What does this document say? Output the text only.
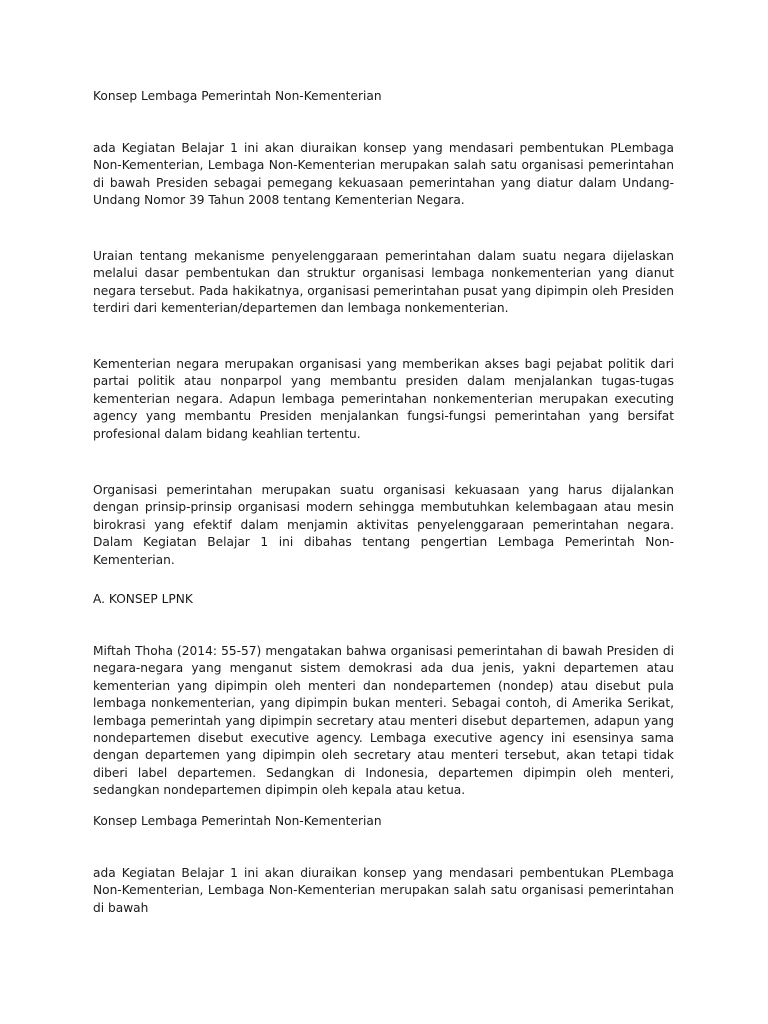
Konsep Lembaga Pemerintah Non-Kementerian

ada Kegiatan Belajar 1 ini akan diuraikan konsep yang mendasari pembentukan PLembaga Non-Kementerian, Lembaga Non-Kementerian merupakan salah satu organisasi pemerintahan di bawah Presiden sebagai pemegang kekuasaan pemerintahan yang diatur dalam Undang-Undang Nomor 39 Tahun 2008 tentang Kementerian Negara.

Uraian tentang mekanisme penyelenggaraan pemerintahan dalam suatu negara dijelaskan melalui dasar pembentukan dan struktur organisasi lembaga nonkementerian yang dianut negara tersebut. Pada hakikatnya, organisasi pemerintahan pusat yang dipimpin oleh Presiden terdiri dari kementerian/departemen dan lembaga nonkementerian.

Kementerian negara merupakan organisasi yang memberikan akses bagi pejabat politik dari partai politik atau nonparpol yang membantu presiden dalam menjalankan tugas-tugas kementerian negara. Adapun lembaga pemerintahan nonkementerian merupakan executing agency yang membantu Presiden menjalankan fungsi-fungsi pemerintahan yang bersifat profesional dalam bidang keahlian tertentu.

Organisasi pemerintahan merupakan suatu organisasi kekuasaan yang harus dijalankan dengan prinsip-prinsip organisasi modern sehingga membutuhkan kelembagaan atau mesin birokrasi yang efektif dalam menjamin aktivitas penyelenggaraan pemerintahan negara. Dalam Kegiatan Belajar 1 ini dibahas tentang pengertian Lembaga Pemerintah Non-Kementerian.

A. KONSEP LPNK

Miftah Thoha (2014: 55-57) mengatakan bahwa organisasi pemerintahan di bawah Presiden di negara-negara yang menganut sistem demokrasi ada dua jenis, yakni departemen atau kementerian yang dipimpin oleh menteri dan nondepartemen (nondep) atau disebut pula lembaga nonkementerian, yang dipimpin bukan menteri. Sebagai contoh, di Amerika Serikat, lembaga pemerintah yang dipimpin secretary atau menteri disebut departemen, adapun yang nondepartemen disebut executive agency. Lembaga executive agency ini esensinya sama dengan departemen yang dipimpin oleh secretary atau menteri tersebut, akan tetapi tidak diberi label departemen. Sedangkan di Indonesia, departemen dipimpin oleh menteri, sedangkan nondepartemen dipimpin oleh kepala atau ketua.

Konsep Lembaga Pemerintah Non-Kementerian

ada Kegiatan Belajar 1 ini akan diuraikan konsep yang mendasari pembentukan PLembaga Non-Kementerian, Lembaga Non-Kementerian merupakan salah satu organisasi pemerintahan di bawah
